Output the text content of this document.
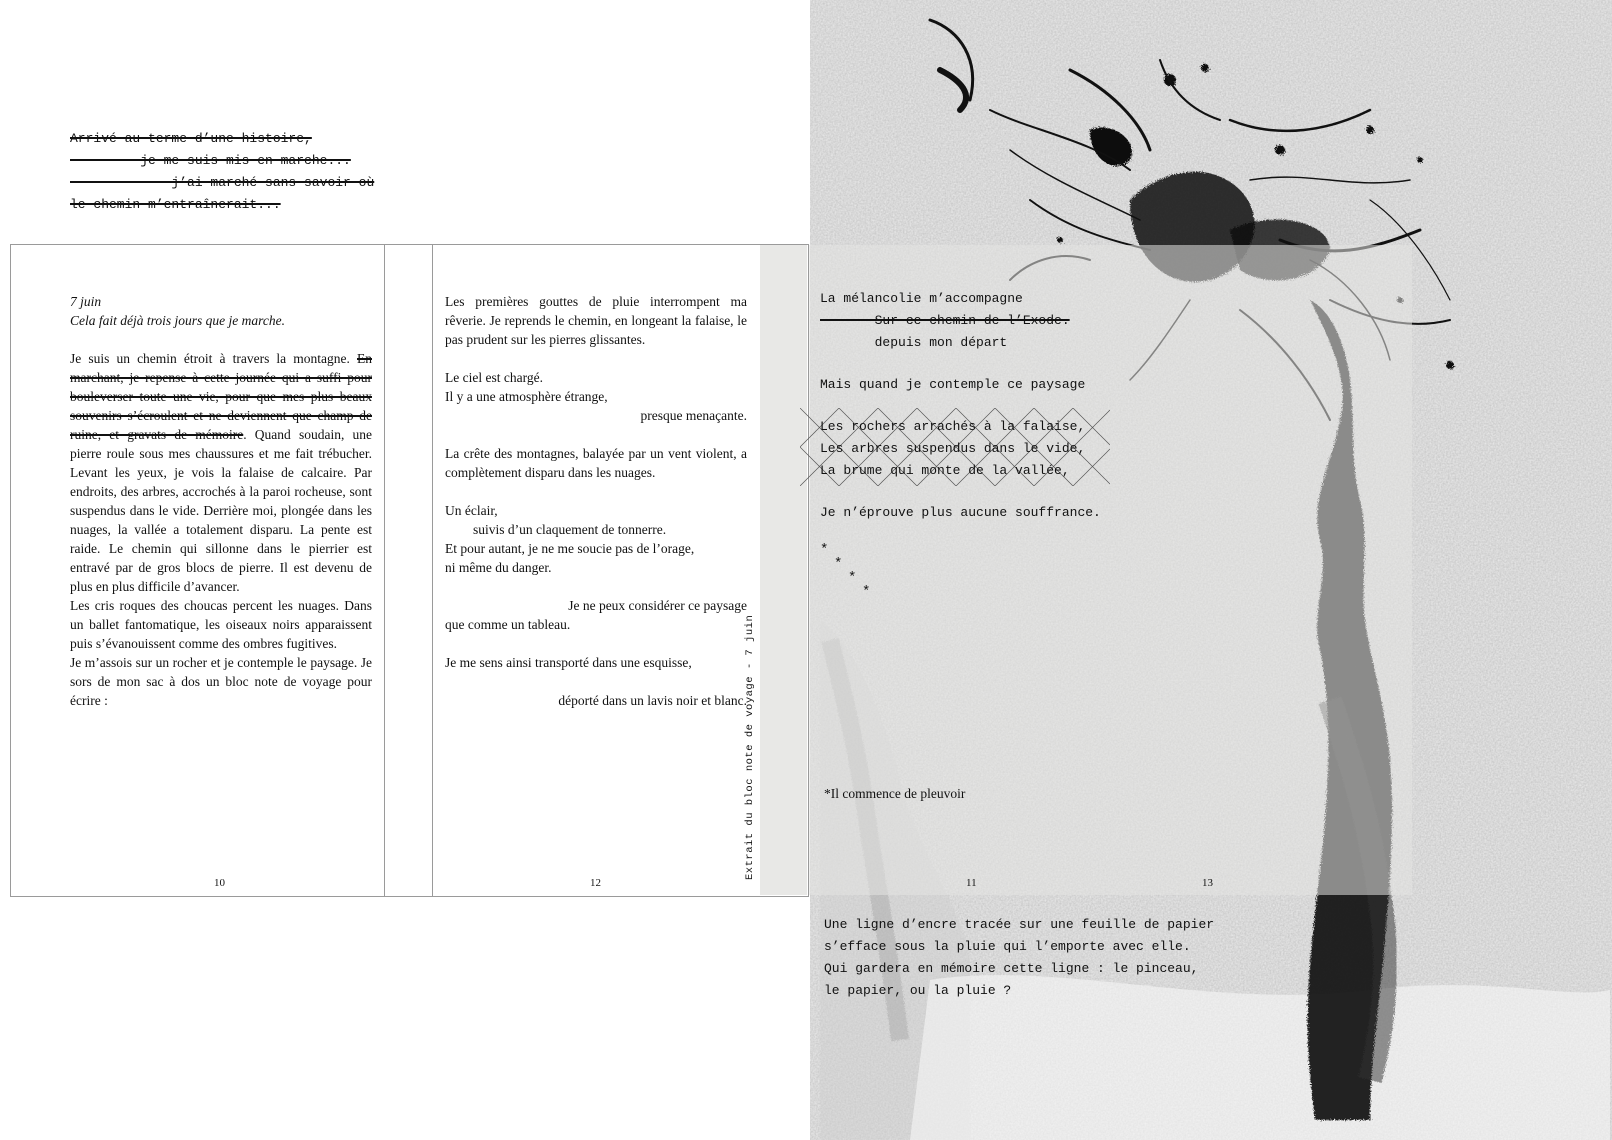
Arrivé au terme d’une histoire,
je me suis mis en marche...
j’ai marché sans savoir où
le chemin m’entraînerait...
7 juin
Cela fait déjà trois jours que je marche.
Je suis un chemin étroit à travers la montagne. En marchant, je repense à cette journée qui a suffi pour bouleverser toute une vie, pour que mes plus beaux souvenirs s’écroulent et ne deviennent que champ de ruine, et gravats de mémoire. Quand soudain, une pierre roule sous mes chaussures et me fait trébucher. Levant les yeux, je vois la falaise de calcaire. Par endroits, des arbres, accrochés à la paroi rocheuse, sont suspendus dans le vide. Derrière moi, plongée dans les nuages, la vallée a totalement disparu. La pente est raide. Le chemin qui sillonne dans le pierrier est entravé par de gros blocs de pierre. Il est devenu de plus en plus difficile d’avancer.
Les cris roques des choucas percent les nuages. Dans un ballet fantomatique, les oiseaux noirs apparaissent puis s’évanouissent comme des ombres fugitives.
Je m’assois sur un rocher et je contemple le paysage. Je sors de mon sac à dos un bloc note de voyage pour écrire :
10
Les premières gouttes de pluie interrompent ma rêverie. Je reprends le chemin, en longeant la falaise, le pas prudent sur les pierres glissantes.
Le ciel est chargé.
Il y a une atmosphère étrange,
presque menaçante.
La crête des montagnes, balayée par un vent violent, a complètement disparu dans les nuages.
Un éclair,
suivis d’un claquement de tonnerre.
Et pour autant, je ne me soucie pas de l’orage,
ni même du danger.
Je ne peux considérer ce paysage
que comme un tableau.
Je me sens ainsi transporté dans une esquisse,
déporté dans un lavis noir et blanc.
12
Extrait du bloc note de voyage - 7 juin
La mélancolie m’accompagne
Sur ce chemin de l’Exode.
depuis mon départ
Mais quand je contemple ce paysage
Les rochers arrachés à la falaise,
Les arbres suspendus dans le vide,
La brume qui monte de la vallée,
Je n’éprouve plus aucune souffrance.
*
*
*
*
*Il commence de pleuvoir
11	13
Une ligne d’encre tracée sur une feuille de papier
s’efface sous la pluie qui l’emporte avec elle.
Qui gardera en mémoire cette ligne : le pinceau,
le papier, ou la pluie ?
